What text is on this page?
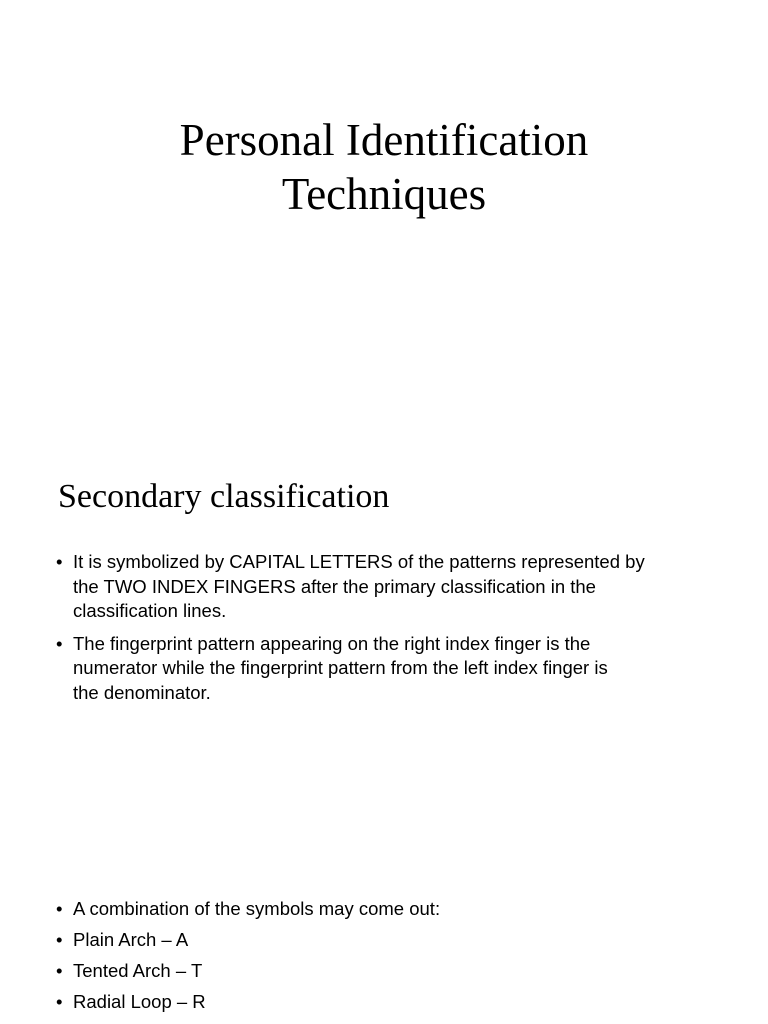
Personal Identification
Techniques
Secondary classification
• It is symbolized by CAPITAL LETTERS of the patterns represented by
the TWO INDEX FINGERS after the primary classification in the
classification lines.
• The fingerprint pattern appearing on the right index finger is the
numerator while the fingerprint pattern from the left index finger is
the denominator.
• A combination of the symbols may come out:
• Plain Arch – A
• Tented Arch – T
• Radial Loop – R
